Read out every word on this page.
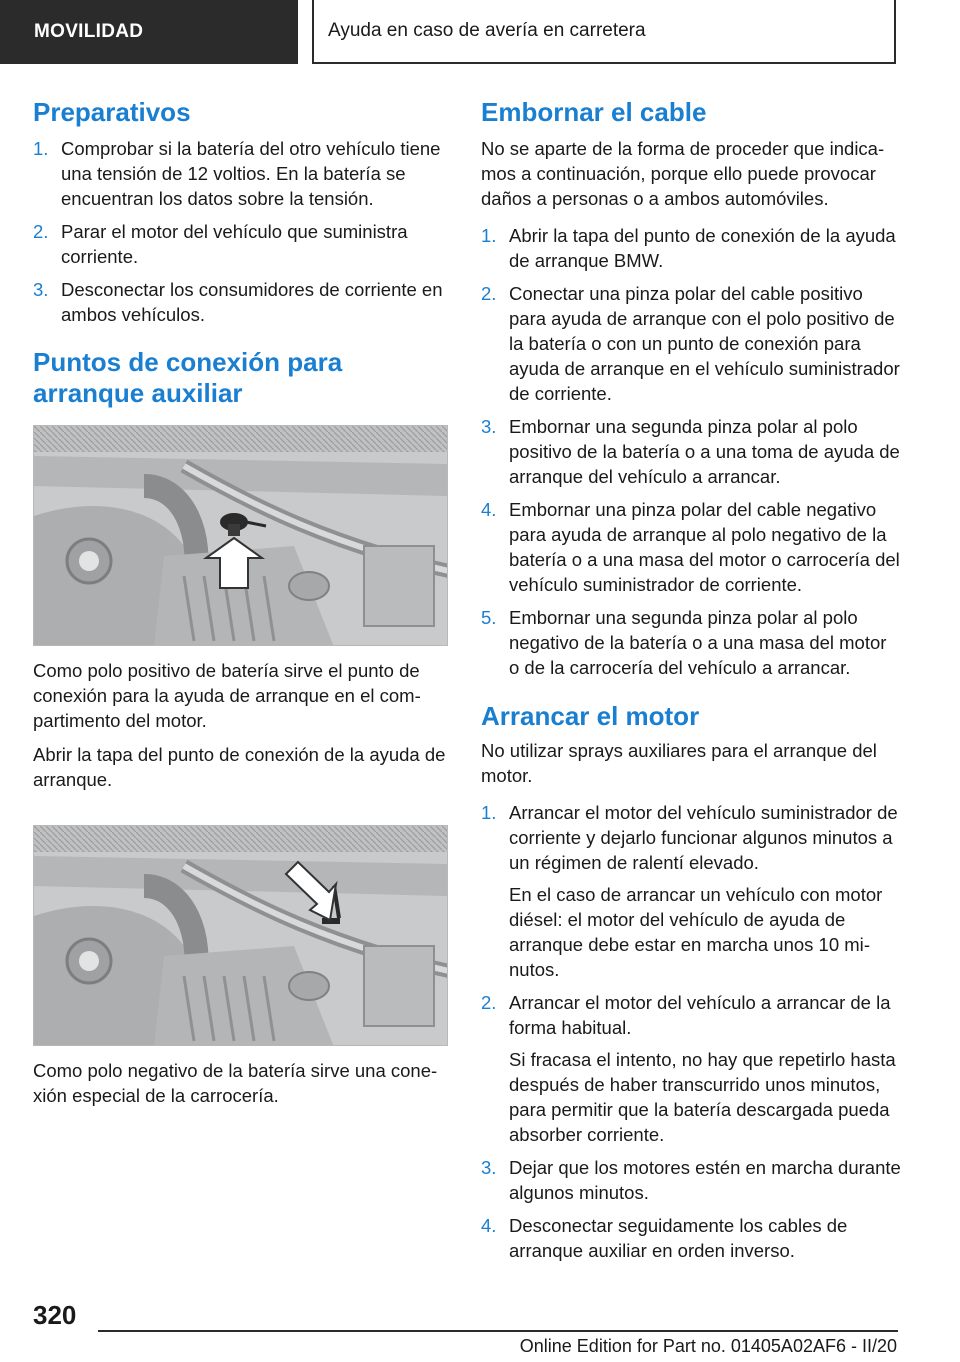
MOVILIDAD	Ayuda en caso de avería en carretera
Preparativos
1. Comprobar si la batería del otro vehículo tiene una tensión de 12 voltios. En la batería se encuentran los datos sobre la tensión.
2. Parar el motor del vehículo que suministra corriente.
3. Desconectar los consumidores de corriente en ambos vehículos.
Puntos de conexión para arranque auxiliar

Como polo positivo de batería sirve el punto de conexión para la ayuda de arranque en el compartimento del motor.

Abrir la tapa del punto de conexión de la ayuda de arranque.

Como polo negativo de la batería sirve una conexión especial de la carrocería.

Embornar el cable

No se aparte de la forma de proceder que indicamos a continuación, porque ello puede provocar daños a personas o a ambos automóviles.

1. Abrir la tapa del punto de conexión de la ayuda de arranque BMW.
2. Conectar una pinza polar del cable positivo para ayuda de arranque con el polo positivo de la batería o con un punto de conexión para ayuda de arranque en el vehículo suministrador de corriente.
3. Embornar una segunda pinza polar al polo positivo de la batería o a una toma de ayuda de arranque del vehículo a arrancar.
4. Embornar una pinza polar del cable negativo para ayuda de arranque al polo negativo de la batería o a una masa del motor o carrocería del vehículo suministrador de corriente.
5. Embornar una segunda pinza polar al polo negativo de la batería o a una masa del motor o de la carrocería del vehículo a arrancar.
Arrancar el motor

No utilizar sprays auxiliares para el arranque del motor.

1. Arrancar el motor del vehículo suministrador de corriente y dejarlo funcionar algunos minutos a un régimen de ralentí elevado.
En el caso de arrancar un vehículo con motor diésel: el motor del vehículo de ayuda de arranque debe estar en marcha unos 10 minutos.
2. Arrancar el motor del vehículo a arrancar de la forma habitual.
Si fracasa el intento, no hay que repetirlo hasta después de haber transcurrido unos minutos, para permitir que la batería descargada pueda absorber corriente.
3. Dejar que los motores estén en marcha durante algunos minutos.
4. Desconectar seguidamente los cables de arranque auxiliar en orden inverso.
320
Online Edition for Part no. 01405A02AF6 - II/20
